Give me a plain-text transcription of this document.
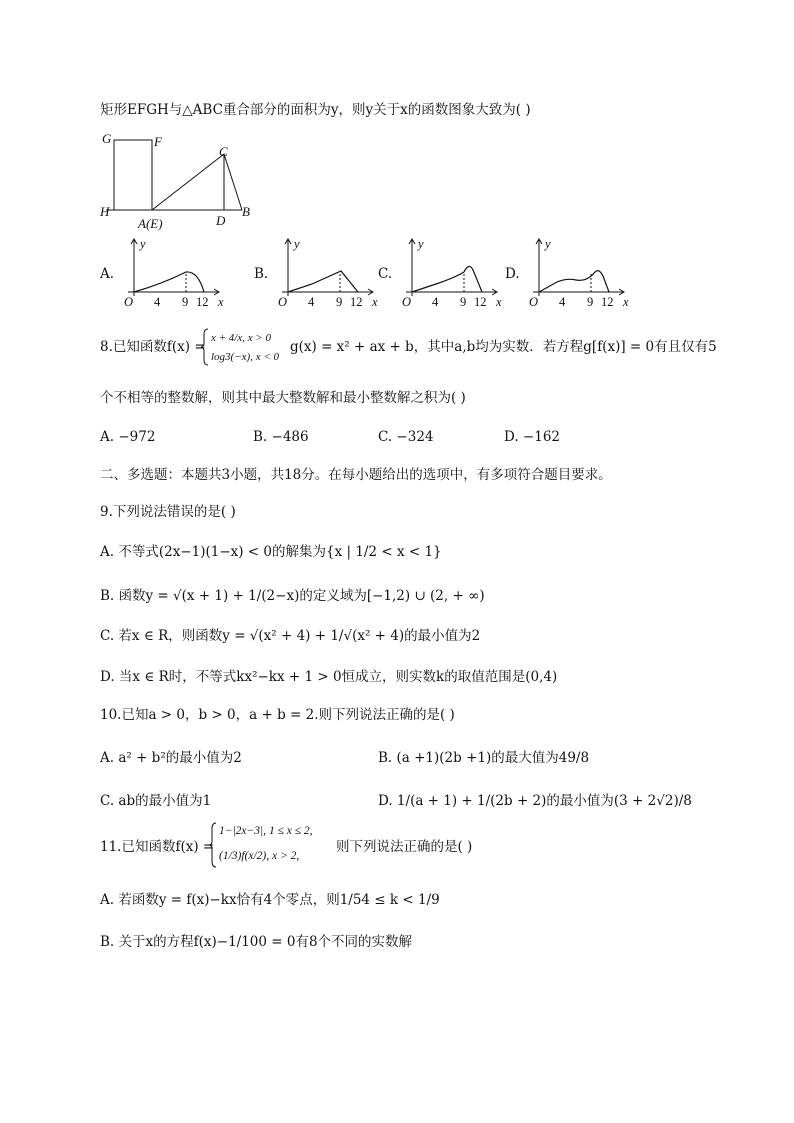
矩形EFGH与△ABC重合部分的面积为y，则y关于x的函数图象大致为( )
G	F
C
H
A(E)	D
B
A.
O 4 9 12 x
y
B.
O 4 9 12 x
y
C.
O 4 9 12 x
y
D.
O 4 9 12 x
y
8.已知函数f(x) =
x + 4/x, x > 0
log3(−x), x < 0
g(x) = x² + ax + b，其中a,b均为实数．若方程g[f(x)] = 0有且仅有5
个不相等的整数解，则其中最大整数解和最小整数解之积为( )
A. −972	B. −486	C. −324	D. −162
二、多选题：本题共3小题，共18分。在每小题给出的选项中，有多项符合题目要求。
9.下列说法错误的是( )
A. 不等式(2x−1)(1−x) < 0的解集为{x | 1/2 < x < 1}
B. 函数y = √(x + 1) + 1/(2−x)的定义域为[−1,2) ∪ (2, + ∞)
C. 若x ∈ R，则函数y = √(x² + 4) + 1/√(x² + 4)的最小值为2
D. 当x ∈ R时，不等式kx²−kx + 1 > 0恒成立，则实数k的取值范围是(0,4)
10.已知a > 0，b > 0，a + b = 2.则下列说法正确的是( )
A. a² + b²的最小值为2	B. (a +1)(2b +1)的最大值为49/8
C. ab的最小值为1	D. 1/(a + 1) + 1/(2b + 2)的最小值为(3 + 2√2)/8
11.已知函数f(x) =
1−|2x−3|, 1 ≤ x ≤ 2,
(1/3)f(x/2), x > 2,
则下列说法正确的是( )
A. 若函数y = f(x)−kx恰有4个零点，则1/54 ≤ k < 1/9
B. 关于x的方程f(x)−1/100 = 0有8个不同的实数解
